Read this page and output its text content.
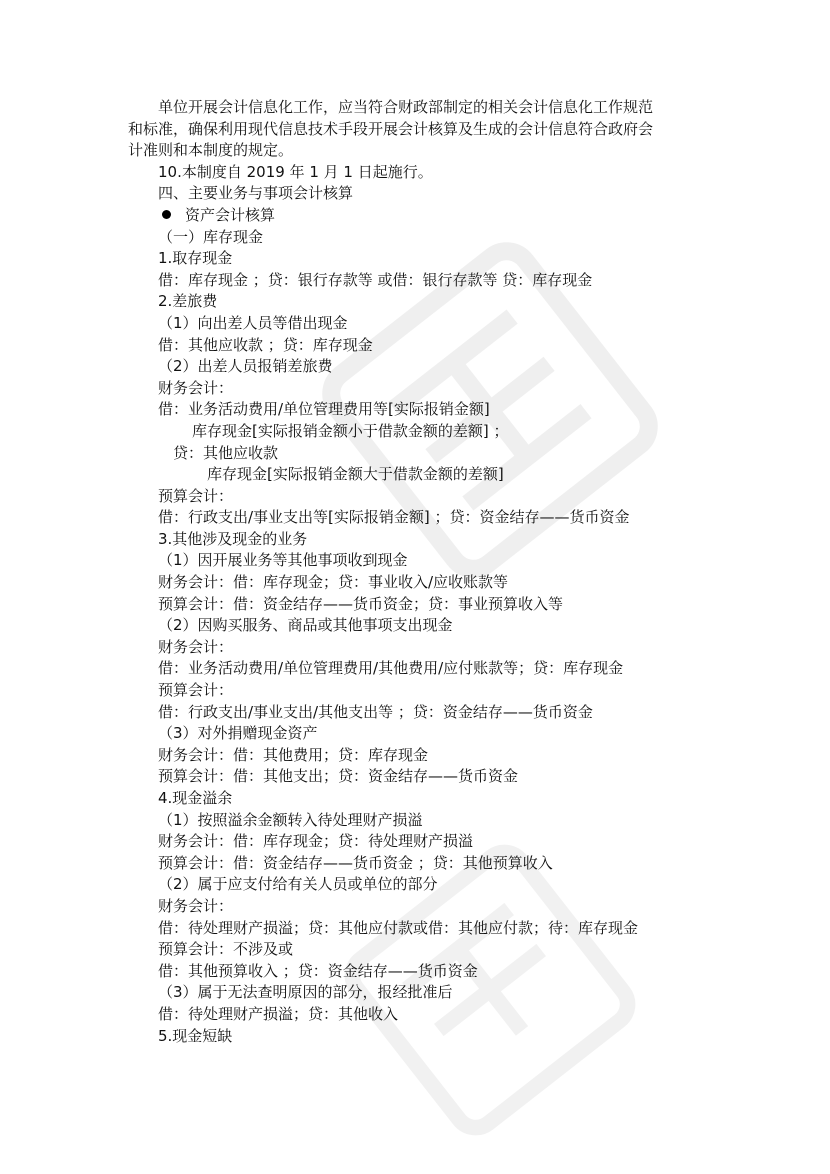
单位开展会计信息化工作，应当符合财政部制定的相关会计信息化工作规范
和标准，确保利用现代信息技术手段开展会计核算及生成的会计信息符合政府会
计准则和本制度的规定。
10.本制度自 2019 年 1 月 1 日起施行。
四、主要业务与事项会计核算
资产会计核算
（一）库存现金
1.取存现金
借：库存现金 ；贷：银行存款等 或借：银行存款等 贷：库存现金
2.差旅费
（1）向出差人员等借出现金
借：其他应收款 ；贷：库存现金
（2）出差人员报销差旅费
财务会计：
借：业务活动费用/单位管理费用等[实际报销金额]
库存现金[实际报销金额小于借款金额的差额] ；
贷：其他应收款
库存现金[实际报销金额大于借款金额的差额]
预算会计：
借：行政支出/事业支出等[实际报销金额] ；贷：资金结存——货币资金
3.其他涉及现金的业务
（1）因开展业务等其他事项收到现金
财务会计：借：库存现金；贷：事业收入/应收账款等
预算会计：借：资金结存——货币资金；贷：事业预算收入等
（2）因购买服务、商品或其他事项支出现金
财务会计：
借：业务活动费用/单位管理费用/其他费用/应付账款等；贷：库存现金
预算会计：
借：行政支出/事业支出/其他支出等 ；贷：资金结存——货币资金
（3）对外捐赠现金资产
财务会计：借：其他费用；贷：库存现金
预算会计：借：其他支出；贷：资金结存——货币资金
4.现金溢余
（1）按照溢余金额转入待处理财产损溢
财务会计：借：库存现金；贷：待处理财产损溢
预算会计：借：资金结存——货币资金 ；贷：其他预算收入
（2）属于应支付给有关人员或单位的部分
财务会计：
借：待处理财产损溢；贷：其他应付款或借：其他应付款；待：库存现金
预算会计：不涉及或
借：其他预算收入 ；贷：资金结存——货币资金
（3）属于无法查明原因的部分，报经批准后
借：待处理财产损溢；贷：其他收入
5.现金短缺
